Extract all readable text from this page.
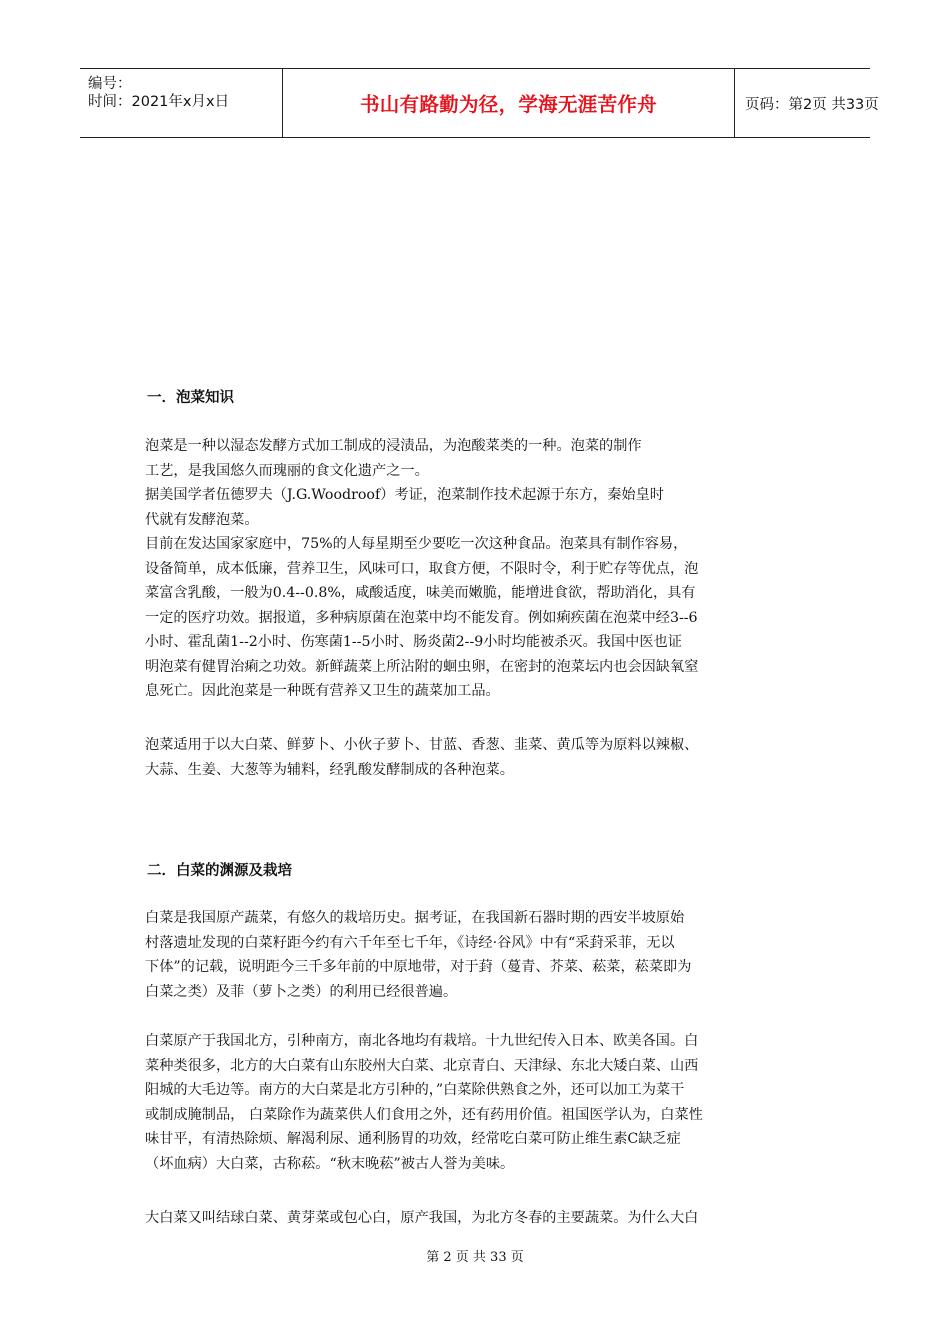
编号：
时间：2021年x月x日	书山有路勤为径，学海无涯苦作舟	页码：第2页 共33页
一．泡菜知识
泡菜是一种以湿态发酵方式加工制成的浸渍品，为泡酸菜类的一种。泡菜的制作
工艺，是我国悠久而瑰丽的食文化遗产之一。
据美国学者伍德罗夫（J.G.Woodroof）考证，泡菜制作技术起源于东方，秦始皇时
代就有发酵泡菜。
目前在发达国家家庭中，75%的人每星期至少要吃一次这种食品。泡菜具有制作容易，
设备简单，成本低廉，营养卫生，风味可口，取食方便，不限时令，利于贮存等优点，泡
菜富含乳酸，一般为0.4--0.8%，咸酸适度，味美而嫩脆，能增进食欲，帮助消化，具有
一定的医疗功效。据报道，多种病原菌在泡菜中均不能发育。例如痢疾菌在泡菜中经3--6
小时、霍乱菌1--2小时、伤寒菌1--5小时、肠炎菌2--9小时均能被杀灭。我国中医也证
明泡菜有健胃治痢之功效。新鲜蔬菜上所沾附的蛔虫卵，在密封的泡菜坛内也会因缺氧窒
息死亡。因此泡菜是一种既有营养又卫生的蔬菜加工品。
泡菜适用于以大白菜、鲜萝卜、小伙子萝卜、甘蓝、香葱、韭菜、黄瓜等为原料以辣椒、
大蒜、生姜、大葱等为辅料，经乳酸发酵制成的各种泡菜。
二．白菜的渊源及栽培
白菜是我国原产蔬菜，有悠久的栽培历史。据考证，在我国新石器时期的西安半坡原始
村落遗址发现的白菜籽距今约有六千年至七千年，《诗经·谷风》中有“采葑采菲，无以
下体”的记载，说明距今三千多年前的中原地带，对于葑（蔓青、芥菜、菘菜，菘菜即为
白菜之类）及菲（萝卜之类）的利用已经很普遍。
白菜原产于我国北方，引种南方，南北各地均有栽培。十九世纪传入日本、欧美各国。白
菜种类很多，北方的大白菜有山东胶州大白菜、北京青白、天津绿、东北大矮白菜、山西
阳城的大毛边等。南方的大白菜是北方引种的，”白菜除供熟食之外，还可以加工为菜干
或制成腌制品， 白菜除作为蔬菜供人们食用之外，还有药用价值。祖国医学认为，白菜性
味甘平，有清热除烦、解渴利尿、通利肠胃的功效，经常吃白菜可防止维生素C缺乏症
（坏血病）大白菜，古称菘。“秋末晚菘”被古人誉为美味。
大白菜又叫结球白菜、黄芽菜或包心白，原产我国，为北方冬春的主要蔬菜。为什么大白
第 2 页 共 33 页
